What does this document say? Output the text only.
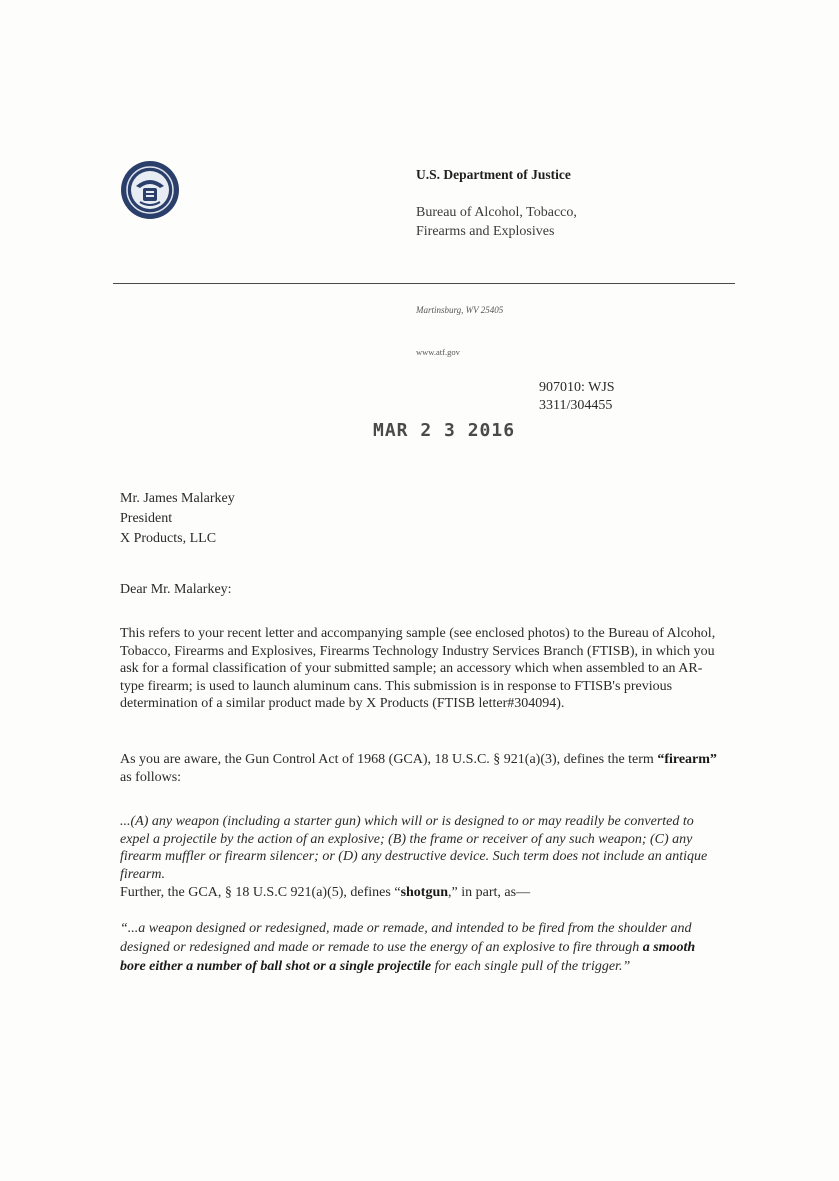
U.S. Department of Justice
Bureau of Alcohol, Tobacco,
Firearms and Explosives
Martinsburg, WV 25405
www.atf.gov
907010: WJS
3311/304455
MAR 2 3 2016
Mr. James Malarkey
President
X Products, LLC
Dear Mr. Malarkey:

This refers to your recent letter and accompanying sample (see enclosed photos) to the Bureau of Alcohol, Tobacco, Firearms and Explosives, Firearms Technology Industry Services Branch (FTISB), in which you ask for a formal classification of your submitted sample; an accessory which when assembled to an AR-type firearm; is used to launch aluminum cans. This submission is in response to FTISB's previous determination of a similar product made by X Products (FTISB letter#304094).

As you are aware, the Gun Control Act of 1968 (GCA), 18 U.S.C. § 921(a)(3), defines the term “firearm” as follows:

...(A) any weapon (including a starter gun) which will or is designed to or may readily be converted to expel a projectile by the action of an explosive; (B) the frame or receiver of any such weapon; (C) any firearm muffler or firearm silencer; or (D) any destructive device. Such term does not include an antique firearm.

Further, the GCA, § 18 U.S.C 921(a)(5), defines “shotgun,” in part, as—

“...a weapon designed or redesigned, made or remade, and intended to be fired from the shoulder and designed or redesigned and made or remade to use the energy of an explosive to fire through a smooth bore either a number of ball shot or a single projectile for each single pull of the trigger.”
